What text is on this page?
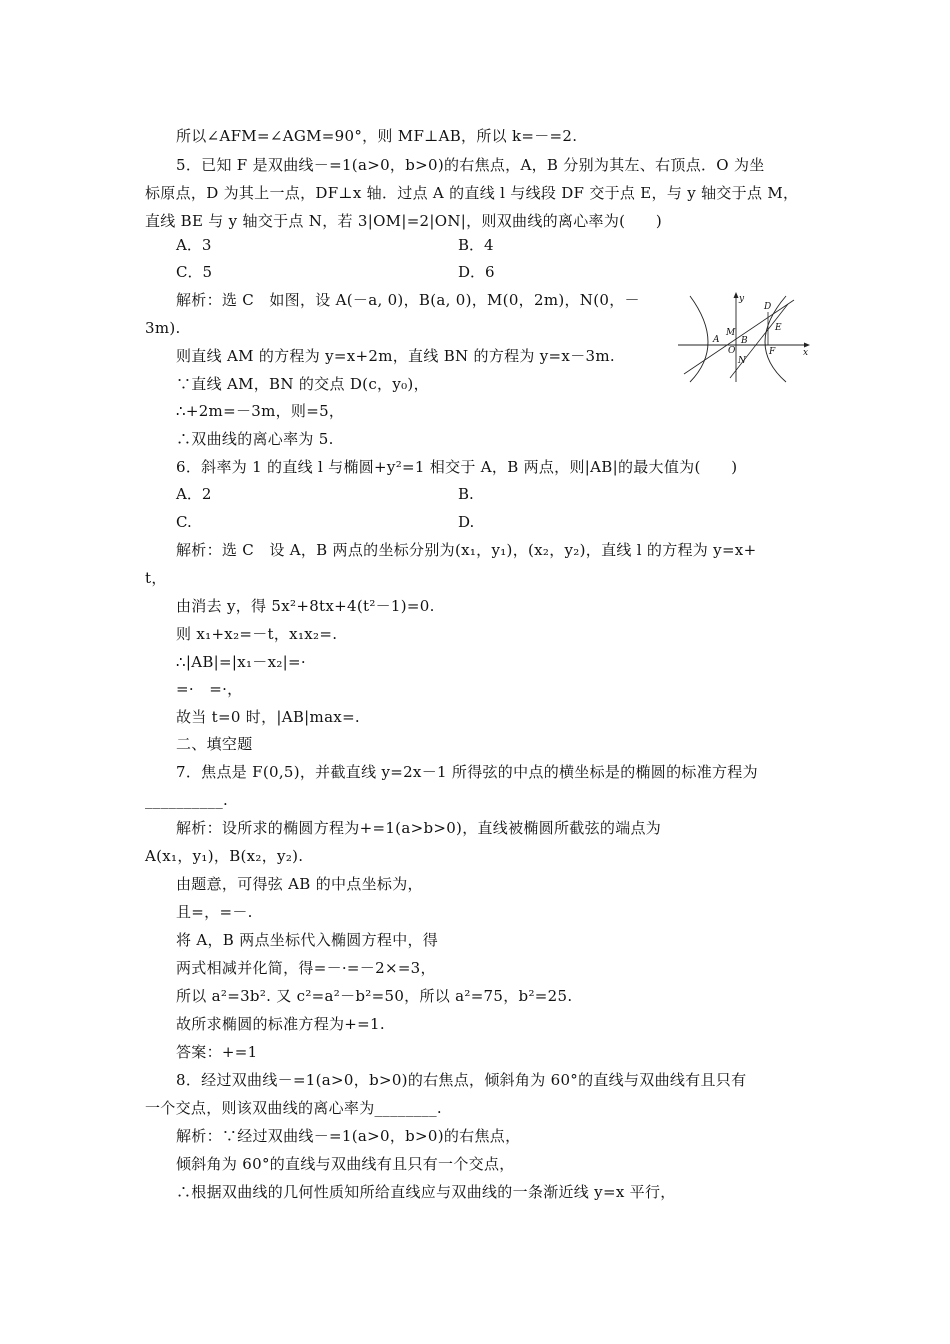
所以∠AFM=∠AGM=90°，则 MF⊥AB，所以 k=－=2.
5．已知 F 是双曲线－=1(a>0，b>0)的右焦点，A，B 分别为其左、右顶点．O 为坐
标原点，D 为其上一点，DF⊥x 轴．过点 A 的直线 l 与线段 DF 交于点 E，与 y 轴交于点 M，
直线 BE 与 y 轴交于点 N，若 3|OM|=2|ON|，则双曲线的离心率为(　　)
A．3	B．4
C．5	D．6
解析：选 C　如图，设 A(－a, 0)，B(a, 0)，M(0，2m)，N(0，－
3m).
则直线 AM 的方程为 y=x+2m，直线 BN 的方程为 y=x－3m.
∵直线 AM，BN 的交点 D(c，y₀)，
∴+2m=－3m，则=5，
∴双曲线的离心率为 5.
6．斜率为 1 的直线 l 与椭圆+y²=1 相交于 A，B 两点，则|AB|的最大值为(　　)
A．2	B.
C.	D.
解析：选 C　设 A，B 两点的坐标分别为(x₁，y₁)，(x₂，y₂)，直线 l 的方程为 y=x+
t，
由消去 y，得 5x²+8tx+4(t²－1)=0.
则 x₁+x₂=－t，x₁x₂=.
∴|AB|=|x₁－x₂|=·
=·　=·，
故当 t=0 时，|AB|max=.
二、填空题
7．焦点是 F(0,5)，并截直线 y=2x－1 所得弦的中点的横坐标是的椭圆的标准方程为
__________.
解析：设所求的椭圆方程为+=1(a>b>0)，直线被椭圆所截弦的端点为
A(x₁，y₁)，B(x₂，y₂).
由题意，可得弦 AB 的中点坐标为，
且=，=－.
将 A，B 两点坐标代入椭圆方程中，得
两式相减并化简，得=－·=－2×=3，
所以 a²=3b². 又 c²=a²－b²=50，所以 a²=75，b²=25.
故所求椭圆的标准方程为+=1.
答案：+=1
8．经过双曲线－=1(a>0，b>0)的右焦点，倾斜角为 60°的直线与双曲线有且只有
一个交点，则该双曲线的离心率为________.
解析：∵经过双曲线－=1(a>0，b>0)的右焦点，
倾斜角为 60°的直线与双曲线有且只有一个交点，
∴根据双曲线的几何性质知所给直线应与双曲线的一条渐近线 y=x 平行，
y
D
M	E
A
O
B
F
N
x
